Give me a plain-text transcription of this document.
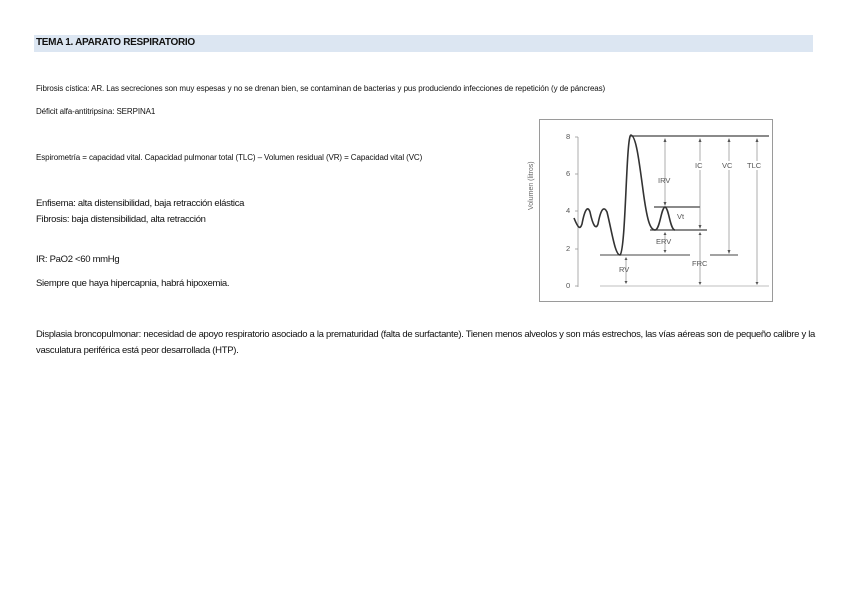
TEMA 1. APARATO RESPIRATORIO
Fibrosis cística: AR. Las secreciones son muy espesas y no se drenan bien, se contaminan de bacterias y pus produciendo infecciones de repetición (y de páncreas)
Déficit alfa-antitripsina: SERPINA1
Espirometría = capacidad vital. Capacidad pulmonar total (TLC) – Volumen residual (VR) = Capacidad vital (VC)
Enfisema: alta distensibilidad, baja retracción elástica
Fibrosis: baja distensibilidad, alta retracción
IR: PaO2 <60 mmHg
Siempre que haya hipercapnia, habrá hipoxemia.
Displasia broncopulmonar: necesidad de apoyo respiratorio asociado a la prematuridad (falta de surfactante). Tienen menos alveolos y son más estrechos, las vías aéreas son de pequeño calibre y la vasculatura periférica está peor desarrollada (HTP).
Volumen (litros)
8
6
4
2
0
IRV
Vt
ERV
RV
FRC
IC	VC TLC
